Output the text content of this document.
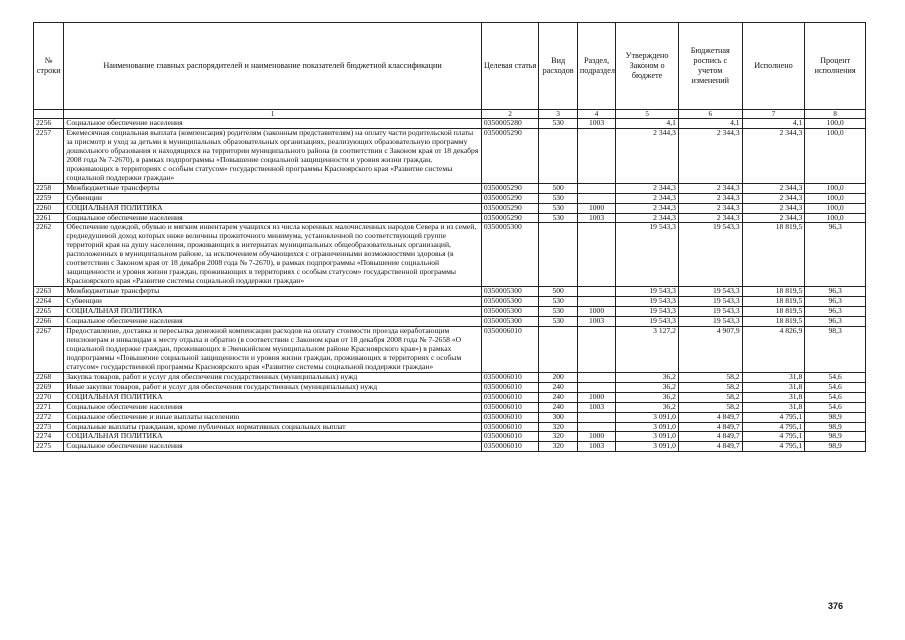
№ строки	Наименование главных распорядителей и наименование показателей бюджетной классификации	Целевая статья	Вид расходов	Раздел, подраздел	Утверждено Законом о бюджете	Бюджетная роспись с учетом изменений	Исполнено	Процент исполнения
	1	2	3	4	5	6	7	8
2256	Социальное обеспечение населения	0350005280	530	1003	4,1	4,1	4,1	100,0
2257	Ежемесячная социальная выплата (компенсация) родителям (законным представителям) на оплату части родительской платы за присмотр и уход за детьми в муниципальных образовательных организациях, реализующих образовательную программу дошкольного образования и находящихся на территории муниципального района (в соответствии с Законом края от 18 декабря 2008 года № 7-2670), в рамках подпрограммы «Повышение социальной защищенности и уровня жизни граждан, проживающих в территориях с особым статусом» государственной программы Красноярского края «Развитие системы социальной поддержки граждан»	0350005290			2 344,3	2 344,3	2 344,3	100,0
2258	Межбюджетные трансферты	0350005290	500		2 344,3	2 344,3	2 344,3	100,0
2259	Субвенции	0350005290	530		2 344,3	2 344,3	2 344,3	100,0
2260	СОЦИАЛЬНАЯ ПОЛИТИКА	0350005290	530	1000	2 344,3	2 344,3	2 344,3	100,0
2261	Социальное обеспечение населения	0350005290	530	1003	2 344,3	2 344,3	2 344,3	100,0
2262	Обеспечение одеждой, обувью и мягким инвентарем учащихся из числа коренных малочисленных народов Севера и из семей, среднедушевой доход которых ниже величины прожиточного минимума, установленной по соответствующей группе территорий края на душу населения, проживающих в интернатах муниципальных общеобразовательных организаций, расположенных в муниципальном районе, за исключением обучающихся с ограниченными возможностями здоровья (в соответствии с Законом края от 18 декабря 2008 года № 7-2670), в рамках подпрограммы «Повышение социальной защищенности и уровня жизни граждан, проживающих в территориях с особым статусом» государственной программы Красноярского края «Развитие системы социальной поддержки граждан»	0350005300			19 543,3	19 543,3	18 819,5	96,3
2263	Межбюджетные трансферты	0350005300	500		19 543,3	19 543,3	18 819,5	96,3
2264	Субвенции	0350005300	530		19 543,3	19 543,3	18 819,5	96,3
2265	СОЦИАЛЬНАЯ ПОЛИТИКА	0350005300	530	1000	19 543,3	19 543,3	18 819,5	96,3
2266	Социальное обеспечение населения	0350005300	530	1003	19 543,3	19 543,3	18 819,5	96,3
2267	Предоставление, доставка и пересылка денежной компенсации расходов на оплату стоимости проезда неработающим пенсионерам и инвалидам к месту отдыха и обратно (в соответствии с Законом края от 18 декабря 2008 года № 7-2658 «О социальной поддержке граждан, проживающих в Эвенкийском муниципальном районе Красноярского края») в рамках подпрограммы «Повышение социальной защищенности и уровня жизни граждан, проживающих в территориях с особым статусом» государственной программы Красноярского края «Развитие системы социальной поддержки граждан»	0350006010			3 127,2	4 907,9	4 826,9	98,3
2268	Закупка товаров, работ и услуг для обеспечения государственных (муниципальных) нужд	0350006010	200		36,2	58,2	31,8	54,6
2269	Иные закупки товаров, работ и услуг для обеспечения государственных (муниципальных) нужд	0350006010	240		36,2	58,2	31,8	54,6
2270	СОЦИАЛЬНАЯ ПОЛИТИКА	0350006010	240	1000	36,2	58,2	31,8	54,6
2271	Социальное обеспечение населения	0350006010	240	1003	36,2	58,2	31,8	54,6
2272	Социальное обеспечение и иные выплаты населению	0350006010	300		3 091,0	4 849,7	4 795,1	98,9
2273	Социальные выплаты гражданам, кроме публичных нормативных социальных выплат	0350006010	320		3 091,0	4 849,7	4 795,1	98,9
2274	СОЦИАЛЬНАЯ ПОЛИТИКА	0350006010	320	1000	3 091,0	4 849,7	4 795,1	98,9
2275	Социальное обеспечение населения	0350006010	320	1003	3 091,0	4 849,7	4 795,1	98,9
376
